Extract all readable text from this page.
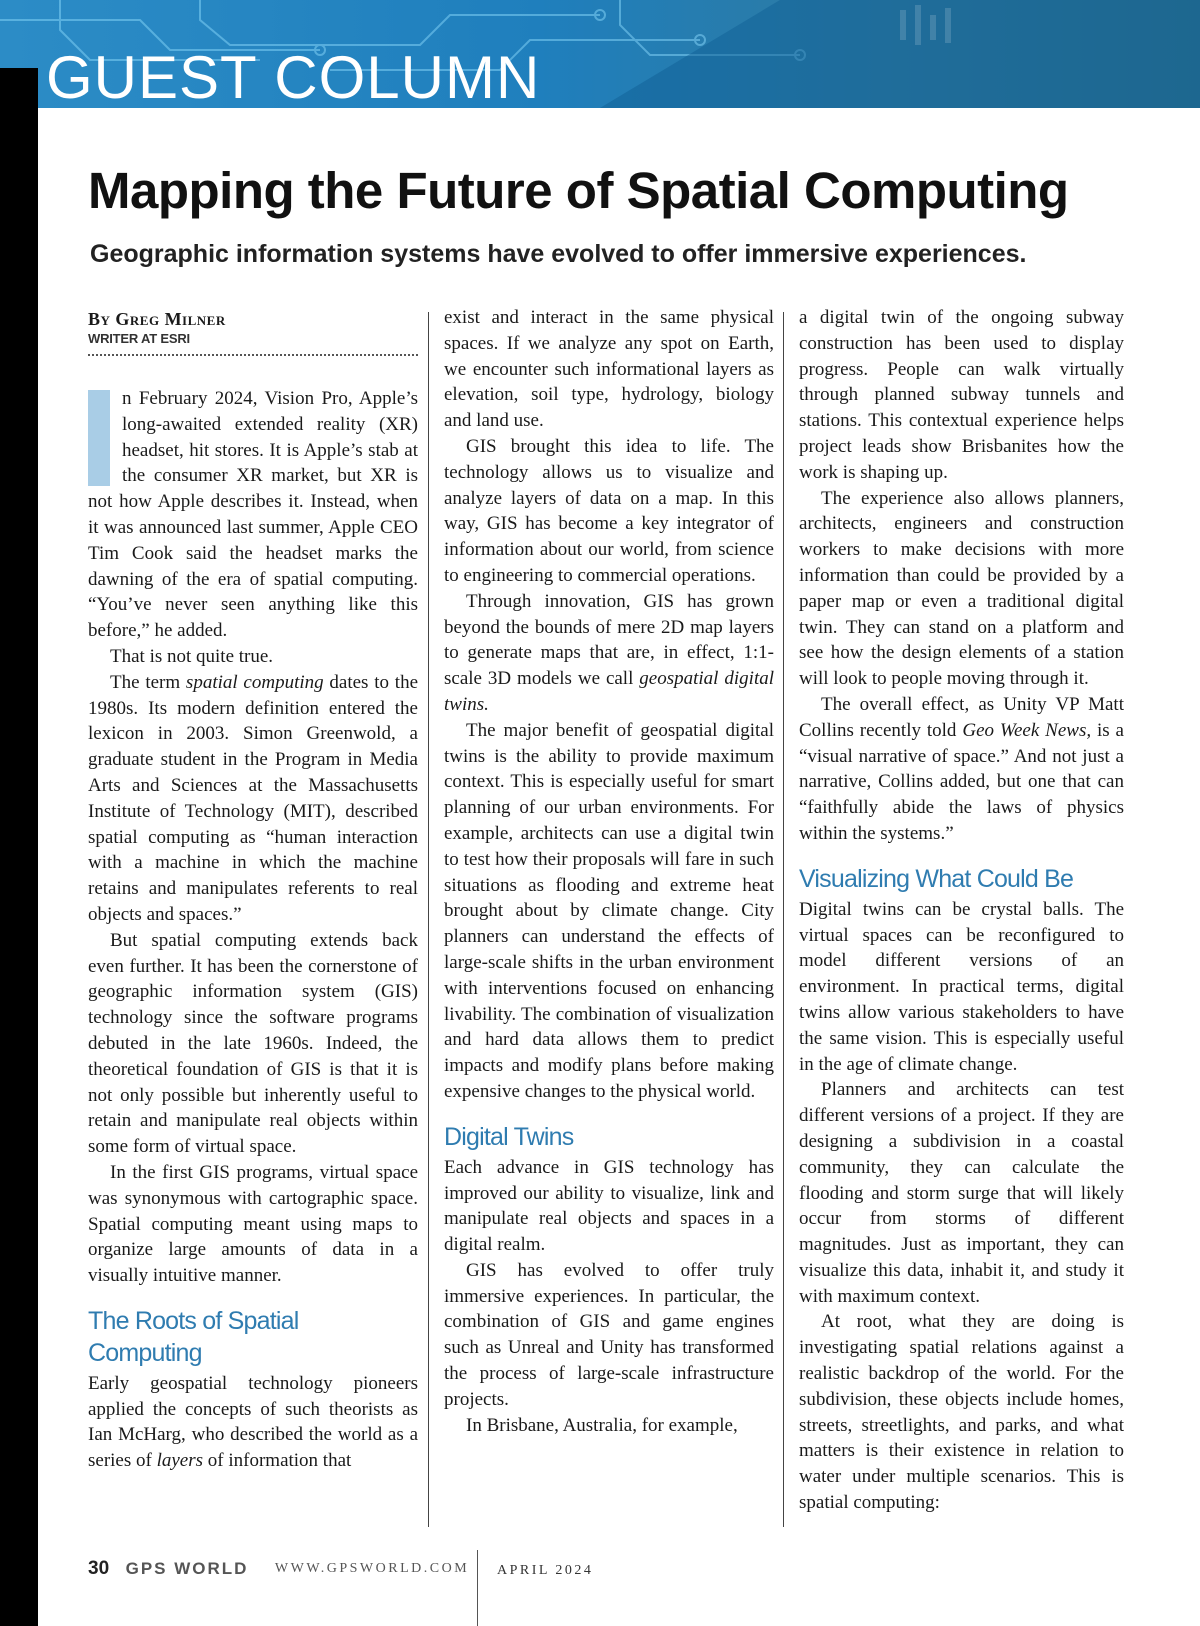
GUEST COLUMN
Mapping the Future of Spatial Computing
Geographic information systems have evolved to offer immersive experiences.
By Greg Milner
WRITER AT ESRI

n February 2024, Vision Pro, Apple’s long-awaited extended reality (XR) headset, hit stores. It is Apple’s stab at the consumer XR market, but XR is not how Apple describes it. Instead, when it was announced last summer, Apple CEO Tim Cook said the headset marks the dawning of the era of spatial computing. “You’ve never seen anything like this before,” he added.

That is not quite true.

The term spatial computing dates to the 1980s. Its modern definition entered the lexicon in 2003. Simon Greenwold, a graduate student in the Program in Media Arts and Sciences at the Massachusetts Institute of Technology (MIT), described spatial computing as “human interaction with a machine in which the machine retains and manipulates referents to real objects and spaces.”

But spatial computing extends back even further. It has been the cornerstone of geographic information system (GIS) technology since the software programs debuted in the late 1960s. Indeed, the theoretical foundation of GIS is that it is not only possible but inherently useful to retain and manipulate real objects within some form of virtual space.

In the first GIS programs, virtual space was synonymous with cartographic space. Spatial computing meant using maps to organize large amounts of data in a visually intuitive manner.

The Roots of Spatial Computing

Early geospatial technology pioneers applied the concepts of such theorists as Ian McHarg, who described the world as a series of layers of information that

exist and interact in the same physical spaces. If we analyze any spot on Earth, we encounter such informational layers as elevation, soil type, hydrology, biology and land use.

GIS brought this idea to life. The technology allows us to visualize and analyze layers of data on a map. In this way, GIS has become a key integrator of information about our world, from science to engineering to commercial operations.

Through innovation, GIS has grown beyond the bounds of mere 2D map layers to generate maps that are, in effect, 1:1-scale 3D models we call geospatial digital twins.

The major benefit of geospatial digital twins is the ability to provide maximum context. This is especially useful for smart planning of our urban environments. For example, architects can use a digital twin to test how their proposals will fare in such situations as flooding and extreme heat brought about by climate change. City planners can understand the effects of large-scale shifts in the urban environment with interventions focused on enhancing livability. The combination of visualization and hard data allows them to predict impacts and modify plans before making expensive changes to the physical world.

Digital Twins

Each advance in GIS technology has improved our ability to visualize, link and manipulate real objects and spaces in a digital realm.

GIS has evolved to offer truly immersive experiences. In particular, the combination of GIS and game engines such as Unreal and Unity has transformed the process of large-scale infrastructure projects.

In Brisbane, Australia, for example,

a digital twin of the ongoing subway construction has been used to display progress. People can walk virtually through planned subway tunnels and stations. This contextual experience helps project leads show Brisbanites how the work is shaping up.

The experience also allows planners, architects, engineers and construction workers to make decisions with more information than could be provided by a paper map or even a traditional digital twin. They can stand on a platform and see how the design elements of a station will look to people moving through it.

The overall effect, as Unity VP Matt Collins recently told Geo Week News, is a “visual narrative of space.” And not just a narrative, Collins added, but one that can “faithfully abide the laws of physics within the systems.”

Visualizing What Could Be

Digital twins can be crystal balls. The virtual spaces can be reconfigured to model different versions of an environment. In practical terms, digital twins allow various stakeholders to have the same vision. This is especially useful in the age of climate change.

Planners and architects can test different versions of a project. If they are designing a subdivision in a coastal community, they can calculate the flooding and storm surge that will likely occur from storms of different magnitudes. Just as important, they can visualize this data, inhabit it, and study it with maximum context.

At root, what they are doing is investigating spatial relations against a realistic backdrop of the world. For the subdivision, these objects include homes, streets, streetlights, and parks, and what matters is their existence in relation to water under multiple scenarios. This is spatial computing:

30 GPS WORLD WWW.GPSWORLD.COM	APRIL 2024
